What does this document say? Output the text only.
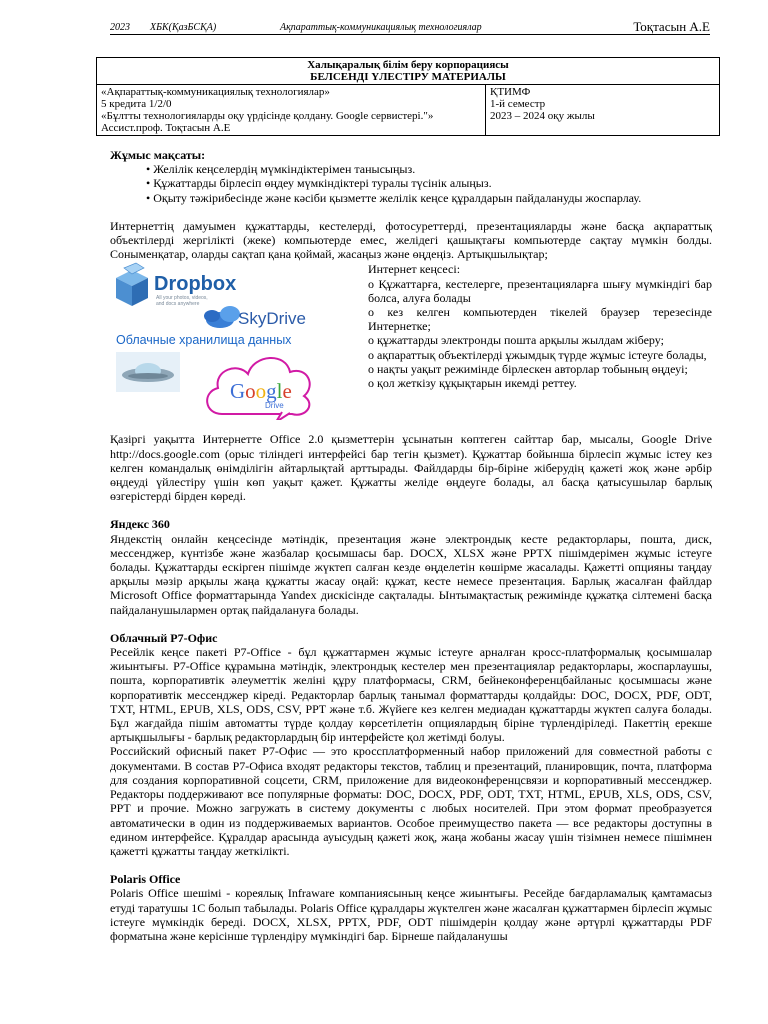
2023 ХБК(ҚазБСҚА)	Ақпараттық-коммуникациялық технологиялар	Тоқтасын А.Е
Халықаралық білім беру корпорациясы
БЕЛСЕНДІ ҮЛЕСТІРУ МАТЕРИАЛЫ

«Ақпараттық-коммуникациялық технологиялар»
5 кредита 1/2/0
«Бұлтты технологияларды оқу үрдісінде қолдану. Google сервистері."»
Ассист.проф. Тоқтасын А.Е

ҚТИМФ
1-й семестр
2023 – 2024 оқу жылы

Жұмыс мақсаты:

• Желілік кеңселердің мүмкіндіктерімен танысыңыз.
• Құжаттарды бірлесіп өңдеу мүмкіндіктері туралы түсінік алыңыз.
• Оқыту тәжірибесінде және кәсіби қызметте желілік кеңсе құралдарын пайдалануды жоспарлау.

Интернеттің дамуымен құжаттарды, кестелерді, фотосуреттерді, презентацияларды және басқа ақпараттық объектілерді жергілікті (жеке) компьютерде емес, желідегі қашықтағы компьютерде сақтау мүмкін болды. Соныменқатар, оларды сақтап қана қоймай, жасаңыз және өңдеңіз. Артықшылықтар;

Dropbox
All your photos, videos,
and docs anywhere
SkyDrive
Облачные хранилища данных
Google
Drive

Интернет кеңсесі:

о Құжаттарға, кестелерге, презентацияларға шығу мүмкіндігі бар болса, алуға болады

о кез келген компьютерден тікелей браузер терезесінде Интернетке;

о құжаттарды электронды пошта арқылы жылдам жіберу;

о ақпараттық объектілерді ұжымдық түрде жұмыс істеуге болады,

о нақты уақыт режимінде бірлескен авторлар тобының өңдеуі;

о қол жеткізу құқықтарын икемді реттеу.

Қазіргі уақытта Интернетте Office 2.0 қызметтерін ұсынатын көптеген сайттар бар, мысалы, Google Drive http://docs.google.com (орыс тіліндегі интерфейсі бар тегін қызмет). Құжаттар бойынша бірлесіп жұмыс істеу кез келген командалық өнімділігін айтарлықтай арттырады. Файлдарды бір-біріне жіберудің қажеті жоқ және әрбір өңдеуді үйлестіру үшін көп уақыт қажет. Құжатты желіде өңдеуге болады, ал басқа қатысушылар барлық өзгерістерді бірден көреді.

Яндекс 360

Яндекстің онлайн кеңсесінде мәтіндік, презентация және электрондық кесте редакторлары, пошта, диск, мессенджер, күнтізбе және жазбалар қосымшасы бар. DOCX, XLSX және PPTX пішімдерімен жұмыс істеуге болады. Құжаттарды ескірген пішімде жүктеп салған кезде өңделетін көшірме жасалады. Қажетті опцияны таңдау арқылы мәзір арқылы жаңа құжатты жасау оңай: құжат, кесте немесе презентация. Барлық жасалған файлдар Microsoft Office форматтарында Yandex дискісінде сақталады. Ынтымақтастық режимінде құжатқа сілтемені басқа пайдаланушылармен ортақ пайдалануға болады.

Облачный Р7-Офис

Ресейлік кеңсе пакеті Р7-Office - бұл құжаттармен жұмыс істеуге арналған кросс-платформалық қосымшалар жиынтығы. Р7-Office құрамына мәтіндік, электрондық кестелер мен презентациялар редакторлары, жоспарлаушы, пошта, корпоративтік әлеуметтік желіні құру платформасы, CRM, бейнеконференцбайланыс қосымшасы және корпоративтік мессенджер кіреді. Редакторлар барлық танымал форматтарды қолдайды: DOC, DOCX, PDF, ODT, TXT, HTML, EPUB, XLS, ODS, CSV, PPT және т.б. Жүйеге кез келген медиадан құжаттарды жүктеп салуға болады. Бұл жағдайда пішім автоматты түрде қолдау көрсетілетін опциялардың біріне түрлендіріледі. Пакеттің ерекше артықшылығы - барлық редакторлардың бір интерфейсте қол жетімді болуы.

Российский офисный пакет Р7-Офис — это кроссплатформенный набор приложений для совместной работы с документами. В состав Р7-Офиса входят редакторы текстов, таблиц и презентаций, планировщик, почта, платформа для создания корпоративной соцсети, CRM, приложение для видеоконференцсвязи и корпоративный мессенджер. Редакторы поддерживают все популярные форматы: DOC, DOCX, PDF, ODT, TXT, HTML, EPUB, XLS, ODS, CSV, PPT и прочие. Можно загружать в систему документы с любых носителей. При этом формат преобразуется автоматически в один из поддерживаемых вариантов. Особое преимущество пакета — все редакторы доступны в едином интерфейсе. Құралдар арасында ауысудың қажеті жоқ, жаңа жобаны жасау үшін тізімнен немесе пішімнен қажетті құжатты таңдау жеткілікті.

Polaris Office

Polaris Office шешімі - кореялық Infraware компаниясының кеңсе жиынтығы. Ресейде бағдарламалық қамтамасыз етуді таратушы 1С болып табылады. Polaris Office құралдары жүктелген және жасалған құжаттармен бірлесіп жұмыс істеуге мүмкіндік береді. DOCX, XLSX, PPTX, PDF, ODT пішімдерін қолдау және әртүрлі құжаттарды PDF форматына және керісінше түрлендіру мүмкіндігі бар. Бірнеше пайдаланушы
